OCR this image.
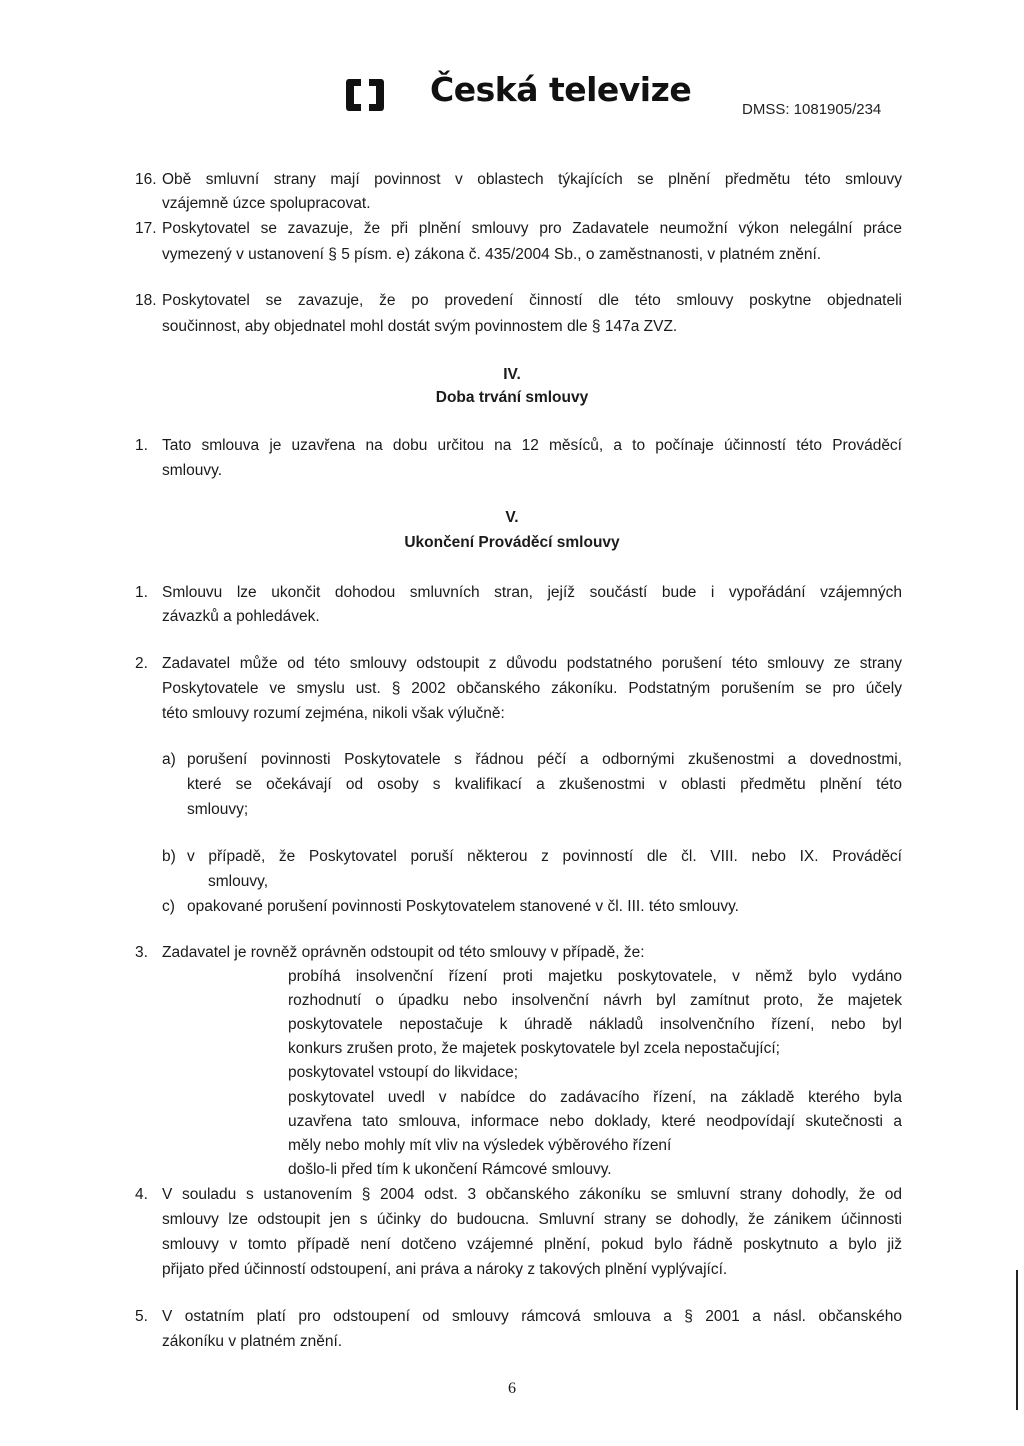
Česká televize
DMSS: 1081905/234
16. Obě smluvní strany mají povinnost v oblastech týkajících se plnění předmětu této smlouvy
vzájemně úzce spolupracovat.
17. Poskytovatel se zavazuje, že při plnění smlouvy pro Zadavatele neumožní výkon nelegální práce
vymezený v ustanovení § 5 písm. e) zákona č. 435/2004 Sb., o zaměstnanosti, v platném znění.
18. Poskytovatel se zavazuje, že po provedení činností dle této smlouvy poskytne objednateli
součinnost, aby objednatel mohl dostát svým povinnostem dle § 147a ZVZ.
IV.
Doba trvání smlouvy
1. Tato smlouva je uzavřena na dobu určitou na 12 měsíců, a to počínaje účinností této Prováděcí
smlouvy.
V.
Ukončení Prováděcí smlouvy
1. Smlouvu lze ukončit dohodou smluvních stran, jejíž součástí bude i vypořádání vzájemných
závazků a pohledávek.
2. Zadavatel může od této smlouvy odstoupit z důvodu podstatného porušení této smlouvy ze strany
Poskytovatele ve smyslu ust. § 2002 občanského zákoníku. Podstatným porušením se pro účely
této smlouvy rozumí zejména, nikoli však výlučně:
a) porušení povinnosti Poskytovatele s řádnou péčí a odbornými zkušenostmi a dovednostmi,
které se očekávají od osoby s kvalifikací a zkušenostmi v oblasti předmětu plnění této
smlouvy;
b) v případě, že Poskytovatel poruší některou z povinností dle čl. VIII. nebo IX. Prováděcí
smlouvy,
c) opakované porušení povinnosti Poskytovatelem stanovené v čl. III. této smlouvy.
3. Zadavatel je rovněž oprávněn odstoupit od této smlouvy v případě, že:
probíhá insolvenční řízení proti majetku poskytovatele, v němž bylo vydáno
rozhodnutí o úpadku nebo insolvenční návrh byl zamítnut proto, že majetek
poskytovatele nepostačuje k úhradě nákladů insolvenčního řízení, nebo byl
konkurs zrušen proto, že majetek poskytovatele byl zcela nepostačující;
poskytovatel vstoupí do likvidace;
poskytovatel uvedl v nabídce do zadávacího řízení, na základě kterého byla
uzavřena tato smlouva, informace nebo doklady, které neodpovídají skutečnosti a
měly nebo mohly mít vliv na výsledek výběrového řízení
došlo-li před tím k ukončení Rámcové smlouvy.
4. V souladu s ustanovením § 2004 odst. 3 občanského zákoníku se smluvní strany dohodly, že od
smlouvy lze odstoupit jen s účinky do budoucna. Smluvní strany se dohodly, že zánikem účinnosti
smlouvy v tomto případě není dotčeno vzájemné plnění, pokud bylo řádně poskytnuto a bylo již
přijato před účinností odstoupení, ani práva a nároky z takových plnění vyplývající.
5. V ostatním platí pro odstoupení od smlouvy rámcová smlouva a § 2001 a násl. občanského
zákoníku v platném znění.
6
